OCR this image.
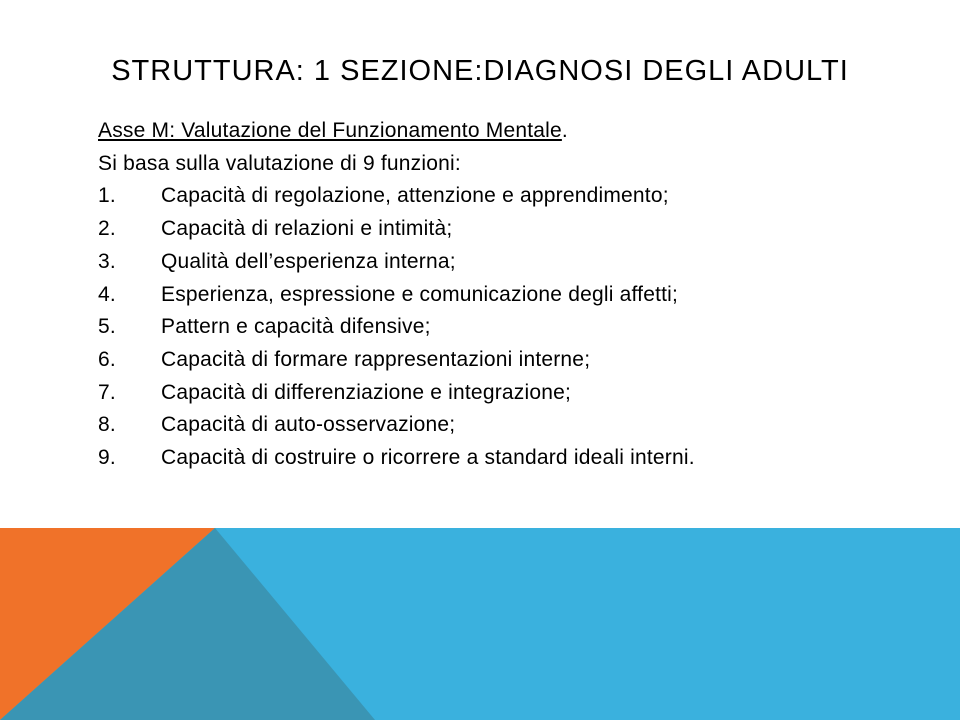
STRUTTURA: 1 SEZIONE:DIAGNOSI DEGLI ADULTI
Asse M: Valutazione del Funzionamento Mentale.
Si basa sulla valutazione di 9 funzioni:
1.	Capacità di regolazione, attenzione e apprendimento;
2.	Capacità di relazioni e intimità;
3.	Qualità dell’esperienza interna;
4.	Esperienza, espressione e comunicazione degli affetti;
5.	Pattern e capacità difensive;
6.	Capacità di formare rappresentazioni interne;
7.	Capacità di differenziazione e integrazione;
8.	Capacità di auto-osservazione;
9.	Capacità di costruire o ricorrere a standard ideali interni.
